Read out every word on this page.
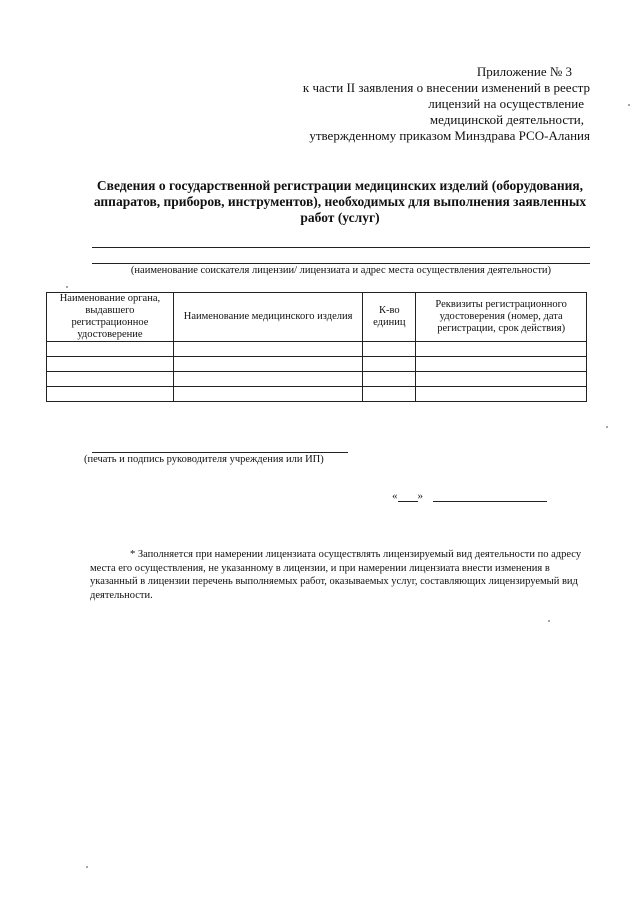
Приложение № 3
к части II заявления о внесении изменений в реестр
лицензий на осуществление
медицинской деятельности,
утвержденному приказом Минздрава РСО-Алания
Сведения о государственной регистрации медицинских изделий (оборудования,
аппаратов, приборов, инструментов), необходимых для выполнения заявленных
работ (услуг)
(наименование соискателя лицензии/ лицензиата и адрес места осуществления деятельности)
Наименование органа, выдавшего регистрационное удостоверение	Наименование медицинского изделия	К-во единиц	Реквизиты регистрационного удостоверения (номер, дата регистрации, срок действия)

(печать и подпись руководителя учреждения или ИП)
« »

* Заполняется при намерении лицензиата осуществлять лицензируемый вид деятельности по адресу места его осуществления, не указанному в лицензии, и при намерении лицензиата внести изменения в указанный в лицензии перечень выполняемых работ, оказываемых услуг, составляющих лицензируемый вид деятельности.
